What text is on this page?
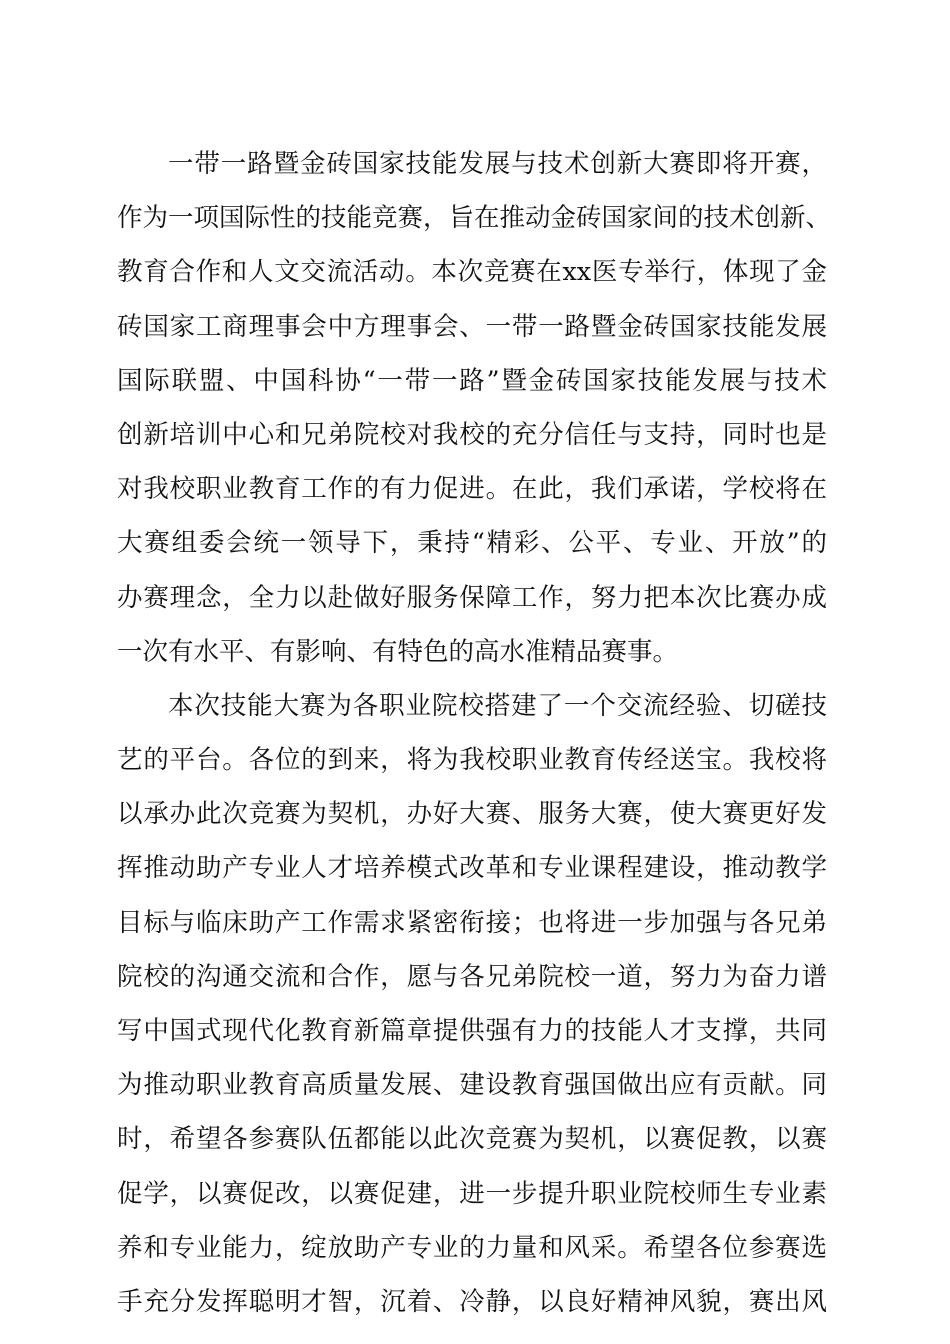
一带一路暨金砖国家技能发展与技术创新大赛即将开赛，
作为一项国际性的技能竞赛，旨在推动金砖国家间的技术创新、
教育合作和人文交流活动。本次竞赛在xx医专举行，体现了金
砖国家工商理事会中方理事会、一带一路暨金砖国家技能发展
国际联盟、中国科协“一带一路”暨金砖国家技能发展与技术
创新培训中心和兄弟院校对我校的充分信任与支持，同时也是
对我校职业教育工作的有力促进。在此，我们承诺，学校将在
大赛组委会统一领导下，秉持“精彩、公平、专业、开放”的
办赛理念，全力以赴做好服务保障工作，努力把本次比赛办成
一次有水平、有影响、有特色的高水准精品赛事。
本次技能大赛为各职业院校搭建了一个交流经验、切磋技
艺的平台。各位的到来，将为我校职业教育传经送宝。我校将
以承办此次竞赛为契机，办好大赛、服务大赛，使大赛更好发
挥推动助产专业人才培养模式改革和专业课程建设，推动教学
目标与临床助产工作需求紧密衔接；也将进一步加强与各兄弟
院校的沟通交流和合作，愿与各兄弟院校一道，努力为奋力谱
写中国式现代化教育新篇章提供强有力的技能人才支撑，共同
为推动职业教育高质量发展、建设教育强国做出应有贡献。同
时，希望各参赛队伍都能以此次竞赛为契机，以赛促教，以赛
促学，以赛促改，以赛促建，进一步提升职业院校师生专业素
养和专业能力，绽放助产专业的力量和风采。希望各位参赛选
手充分发挥聪明才智，沉着、冷静，以良好精神风貌，赛出风
